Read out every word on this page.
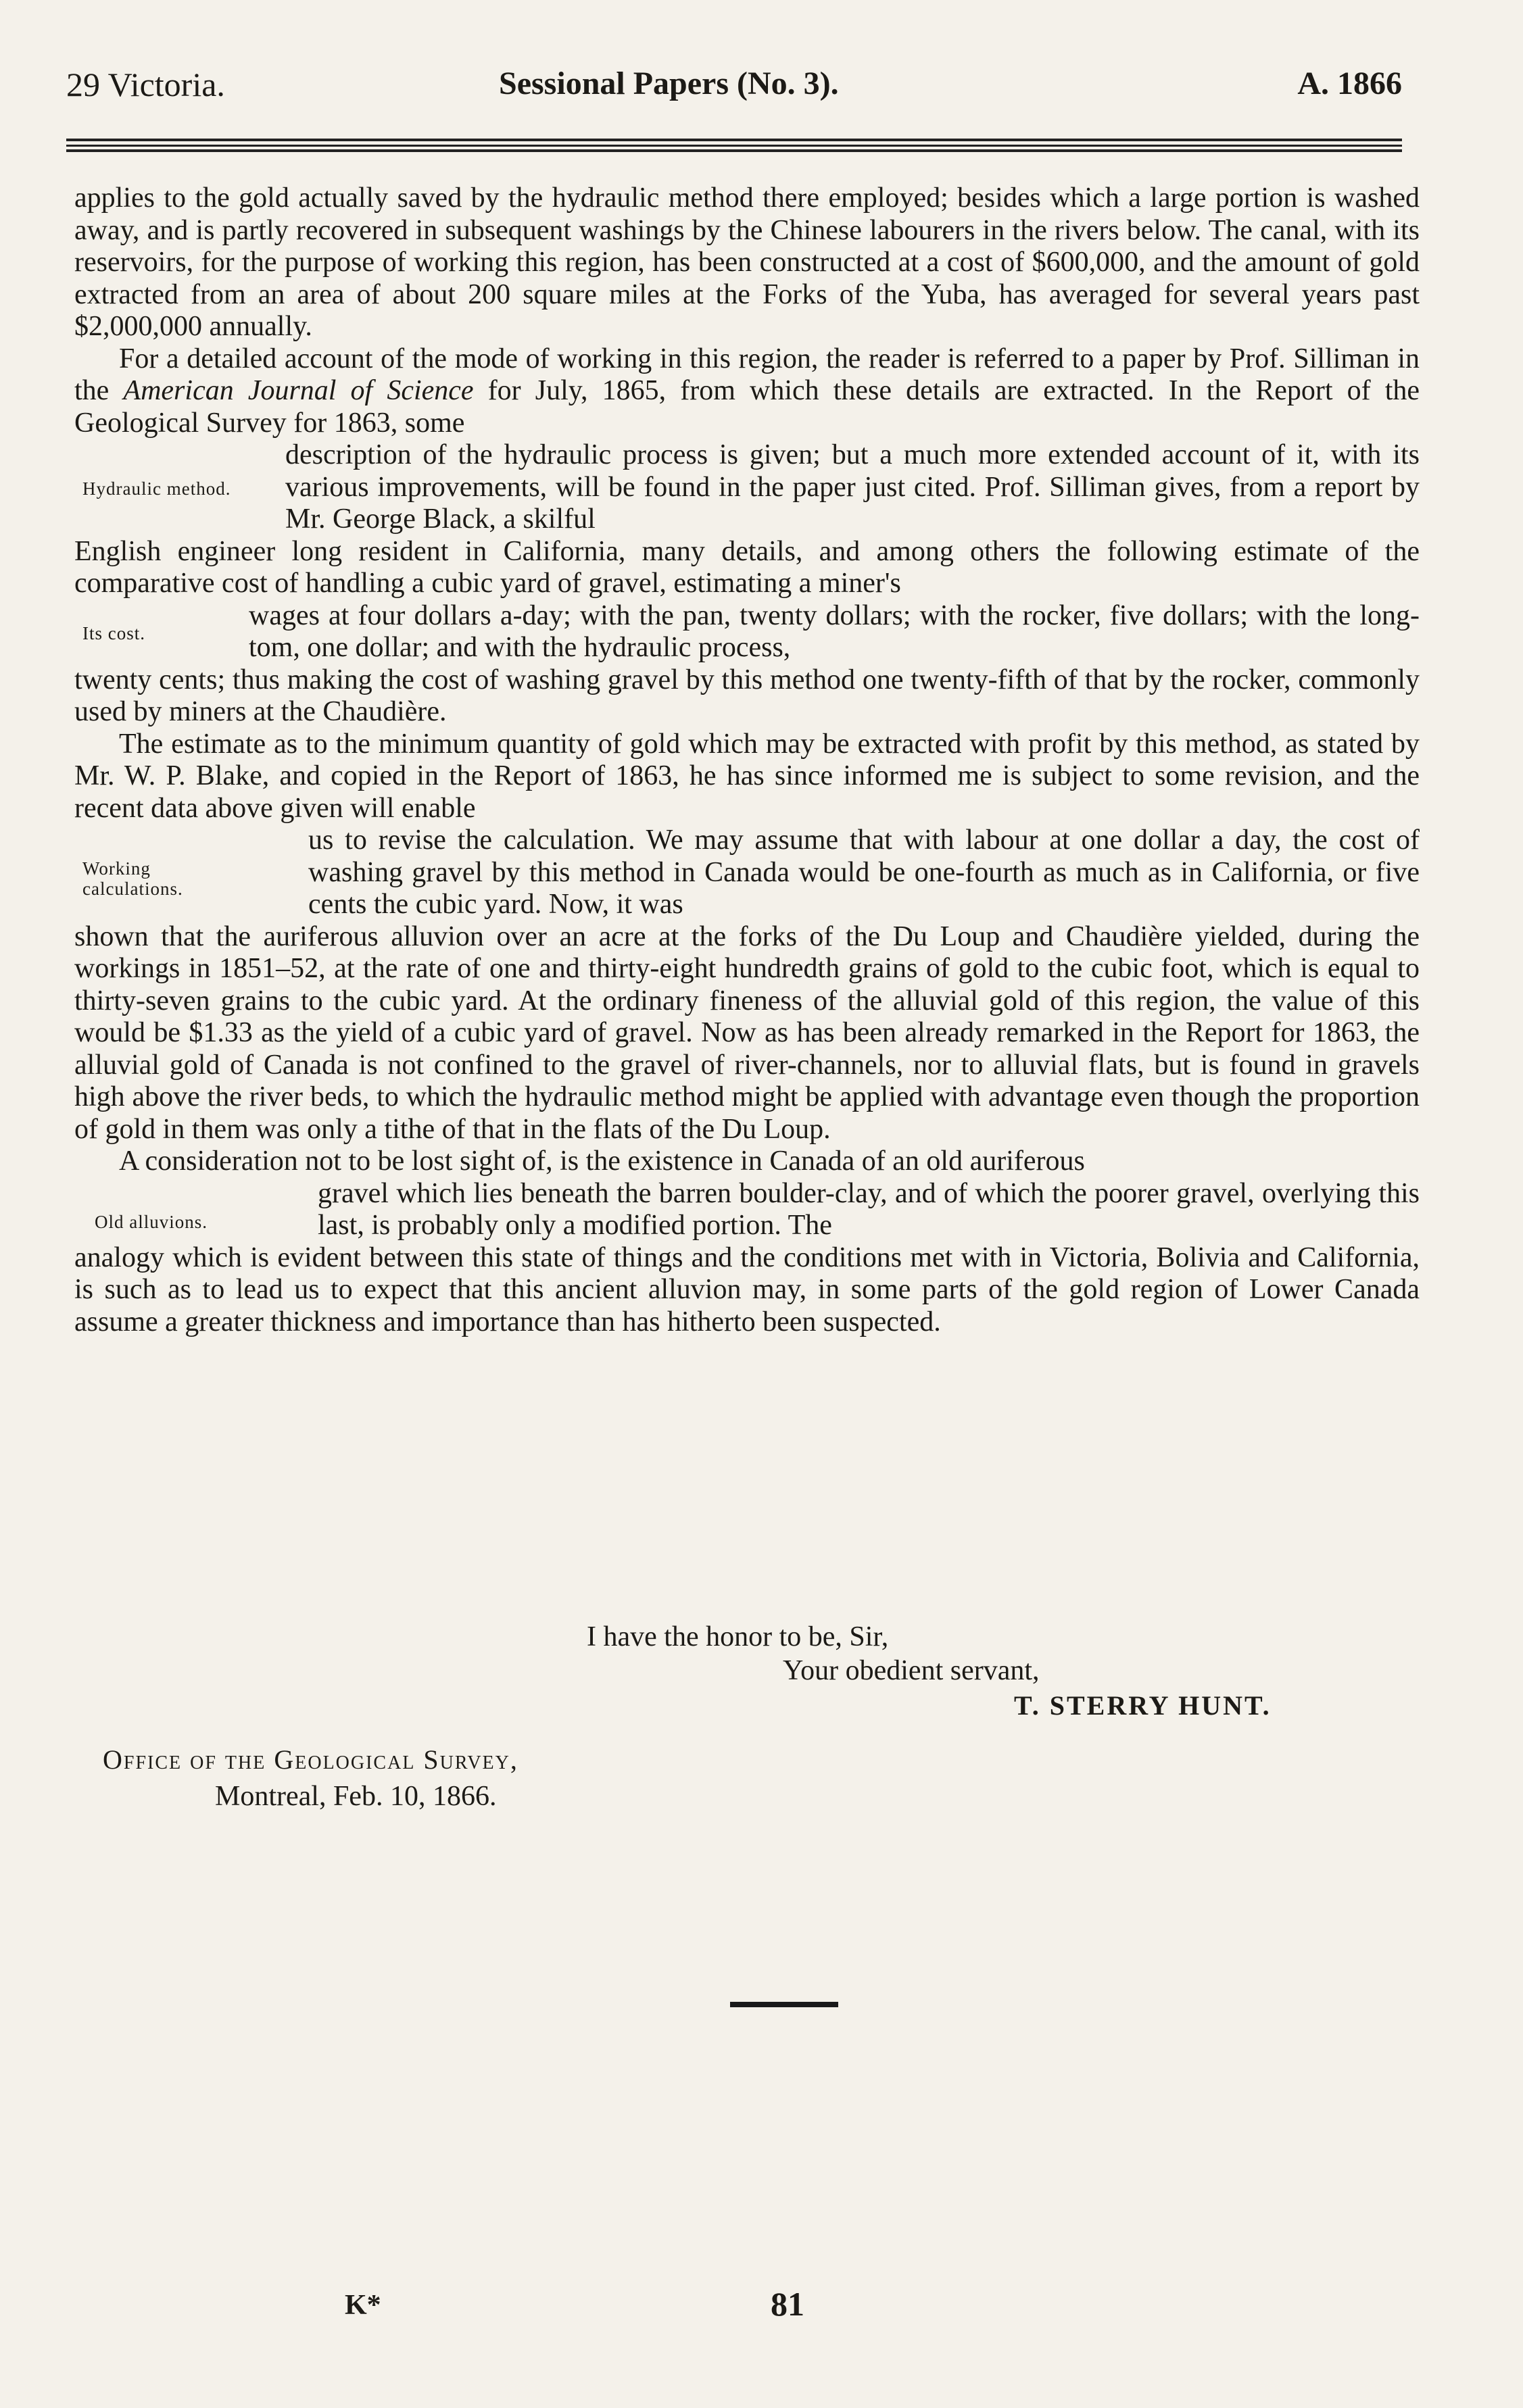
29 Victoria.	Sessional Papers (No. 3).	A. 1866

applies to the gold actually saved by the hydraulic method there employed; besides which a large portion is washed away, and is partly recovered in subsequent washings by the Chinese labourers in the rivers below. The canal, with its reservoirs, for the purpose of working this region, has been constructed at a cost of $600,000, and the amount of gold extracted from an area of about 200 square miles at the Forks of the Yuba, has averaged for several years past $2,000,000 annually.

For a detailed account of the mode of working in this region, the reader is referred to a paper by Prof. Silliman in the American Journal of Science for July, 1865, from which these details are extracted. In the Report of the Geological Survey for 1863, some

Hydraulic method.

description of the hydraulic process is given; but a much more extended account of it, with its various improvements, will be found in the paper just cited. Prof. Silliman gives, from a report by Mr. George Black, a skilful

English engineer long resident in California, many details, and among others the following estimate of the comparative cost of handling a cubic yard of gravel, estimating a miner's

Its cost.

wages at four dollars a-day; with the pan, twenty dollars; with the rocker, five dollars; with the long-tom, one dollar; and with the hydraulic process,

twenty cents; thus making the cost of washing gravel by this method one twenty-fifth of that by the rocker, commonly used by miners at the Chaudière.

The estimate as to the minimum quantity of gold which may be extracted with profit by this method, as stated by Mr. W. P. Blake, and copied in the Report of 1863, he has since informed me is subject to some revision, and the recent data above given will enable

Working calculations.

us to revise the calculation. We may assume that with labour at one dollar a day, the cost of washing gravel by this method in Canada would be one-fourth as much as in California, or five cents the cubic yard. Now, it was

shown that the auriferous alluvion over an acre at the forks of the Du Loup and Chaudière yielded, during the workings in 1851–52, at the rate of one and thirty-eight hundredth grains of gold to the cubic foot, which is equal to thirty-seven grains to the cubic yard. At the ordinary fineness of the alluvial gold of this region, the value of this would be $1.33 as the yield of a cubic yard of gravel. Now as has been already remarked in the Report for 1863, the alluvial gold of Canada is not confined to the gravel of river-channels, nor to alluvial flats, but is found in gravels high above the river beds, to which the hydraulic method might be applied with advantage even though the proportion of gold in them was only a tithe of that in the flats of the Du Loup.

A consideration not to be lost sight of, is the existence in Canada of an old auriferous

Old alluvions.

gravel which lies beneath the barren boulder-clay, and of which the poorer gravel, overlying this last, is probably only a modified portion. The

analogy which is evident between this state of things and the conditions met with in Victoria, Bolivia and California, is such as to lead us to expect that this ancient alluvion may, in some parts of the gold region of Lower Canada assume a greater thickness and importance than has hitherto been suspected.

I have the honor to be, Sir,
Your obedient servant,
T. STERRY HUNT.
Office of the Geological Survey,
Montreal, Feb. 10, 1866.
K*	81
